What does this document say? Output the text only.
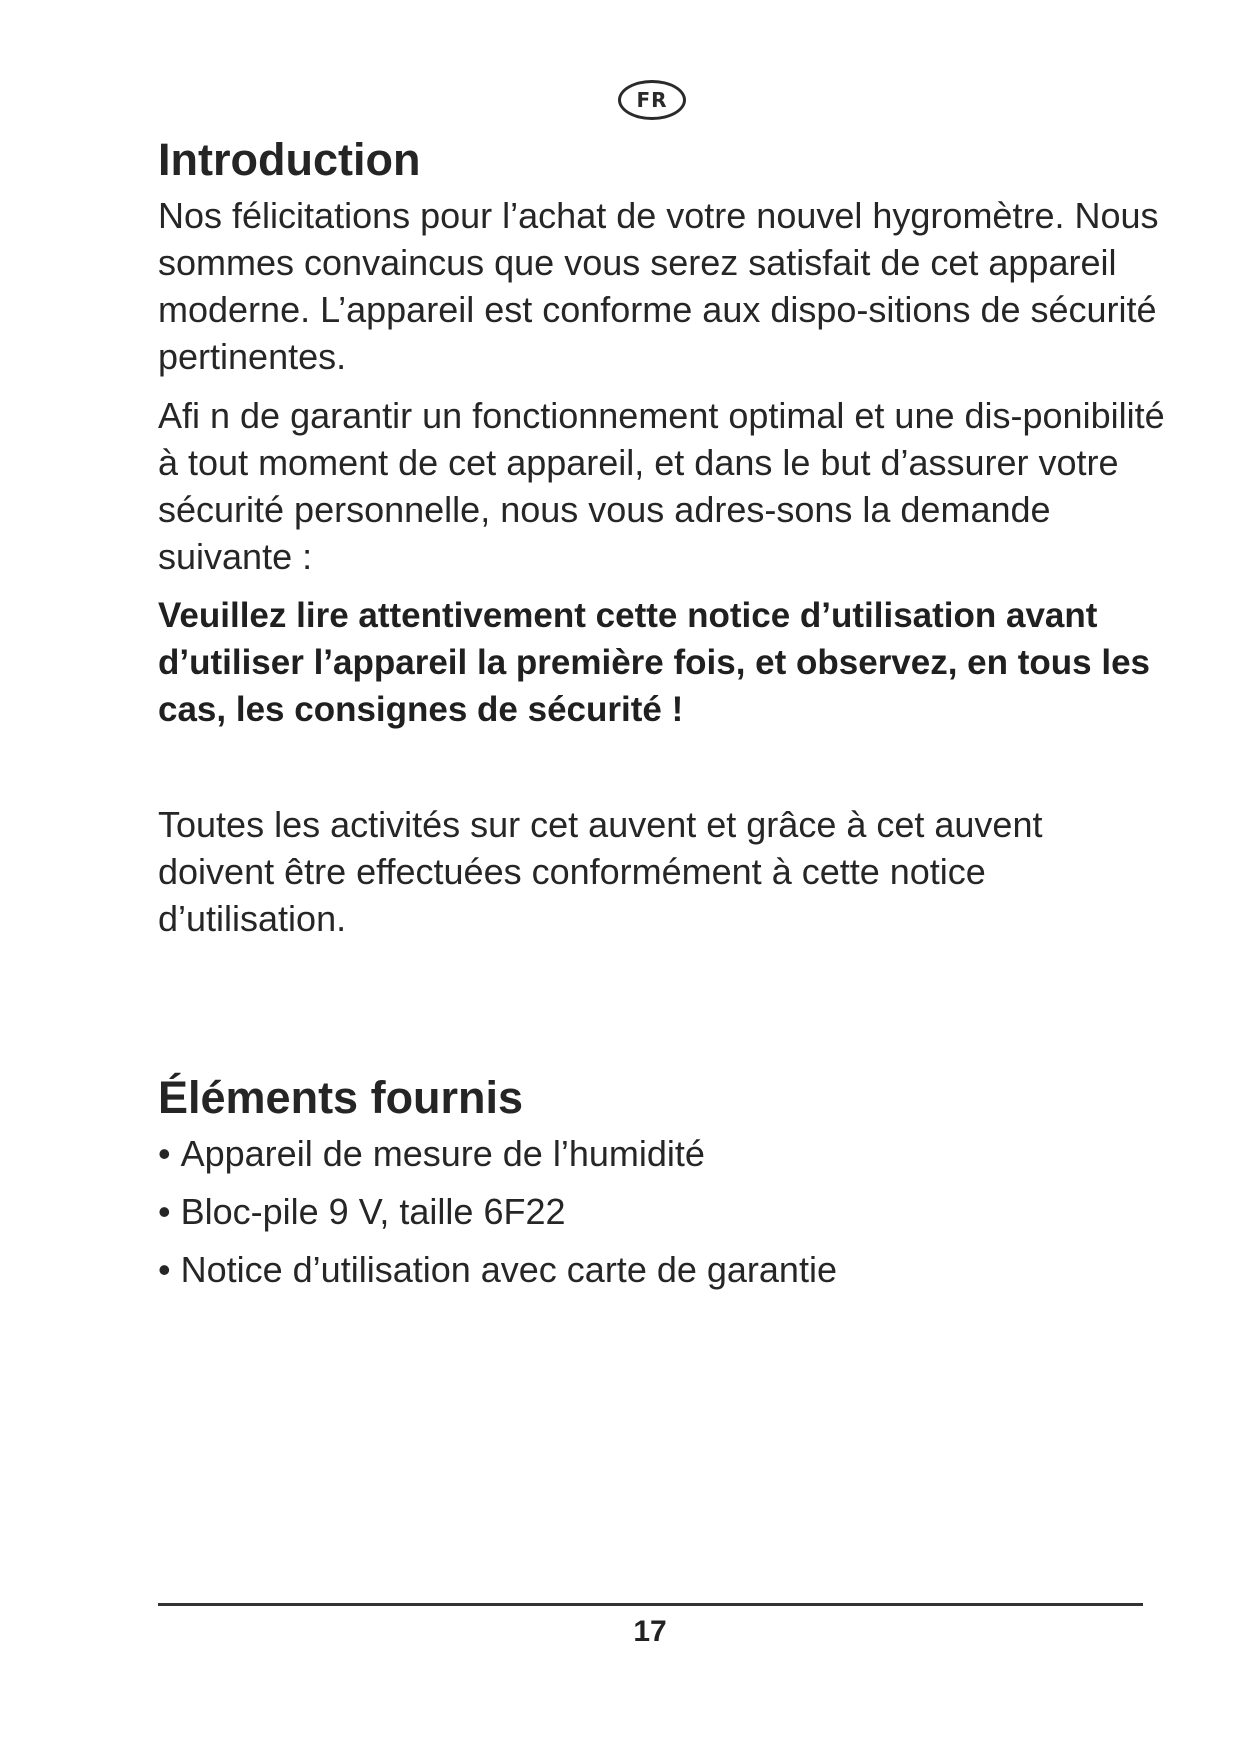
FR
Introduction

Nos félicitations pour l’achat de votre nouvel hygromètre. Nous sommes convaincus que vous serez satisfait de cet appareil moderne. L’appareil est conforme aux dispo-sitions de sécurité pertinentes.

Afi n de garantir un fonctionnement optimal et une dis-ponibilité à tout moment de cet appareil, et dans le but d’assurer votre sécurité personnelle, nous vous adres-sons la demande suivante :

Veuillez lire attentivement cette notice d’utilisation avant d’utiliser l’appareil la première fois, et observez, en tous les cas, les consignes de sécurité !

Toutes les activités sur cet auvent et grâce à cet auvent doivent être effectuées conformément à cette notice d’utilisation.

Éléments fournis
• Appareil de mesure de l’humidité
• Bloc-pile 9 V, taille 6F22
• Notice d’utilisation avec carte de garantie
17
